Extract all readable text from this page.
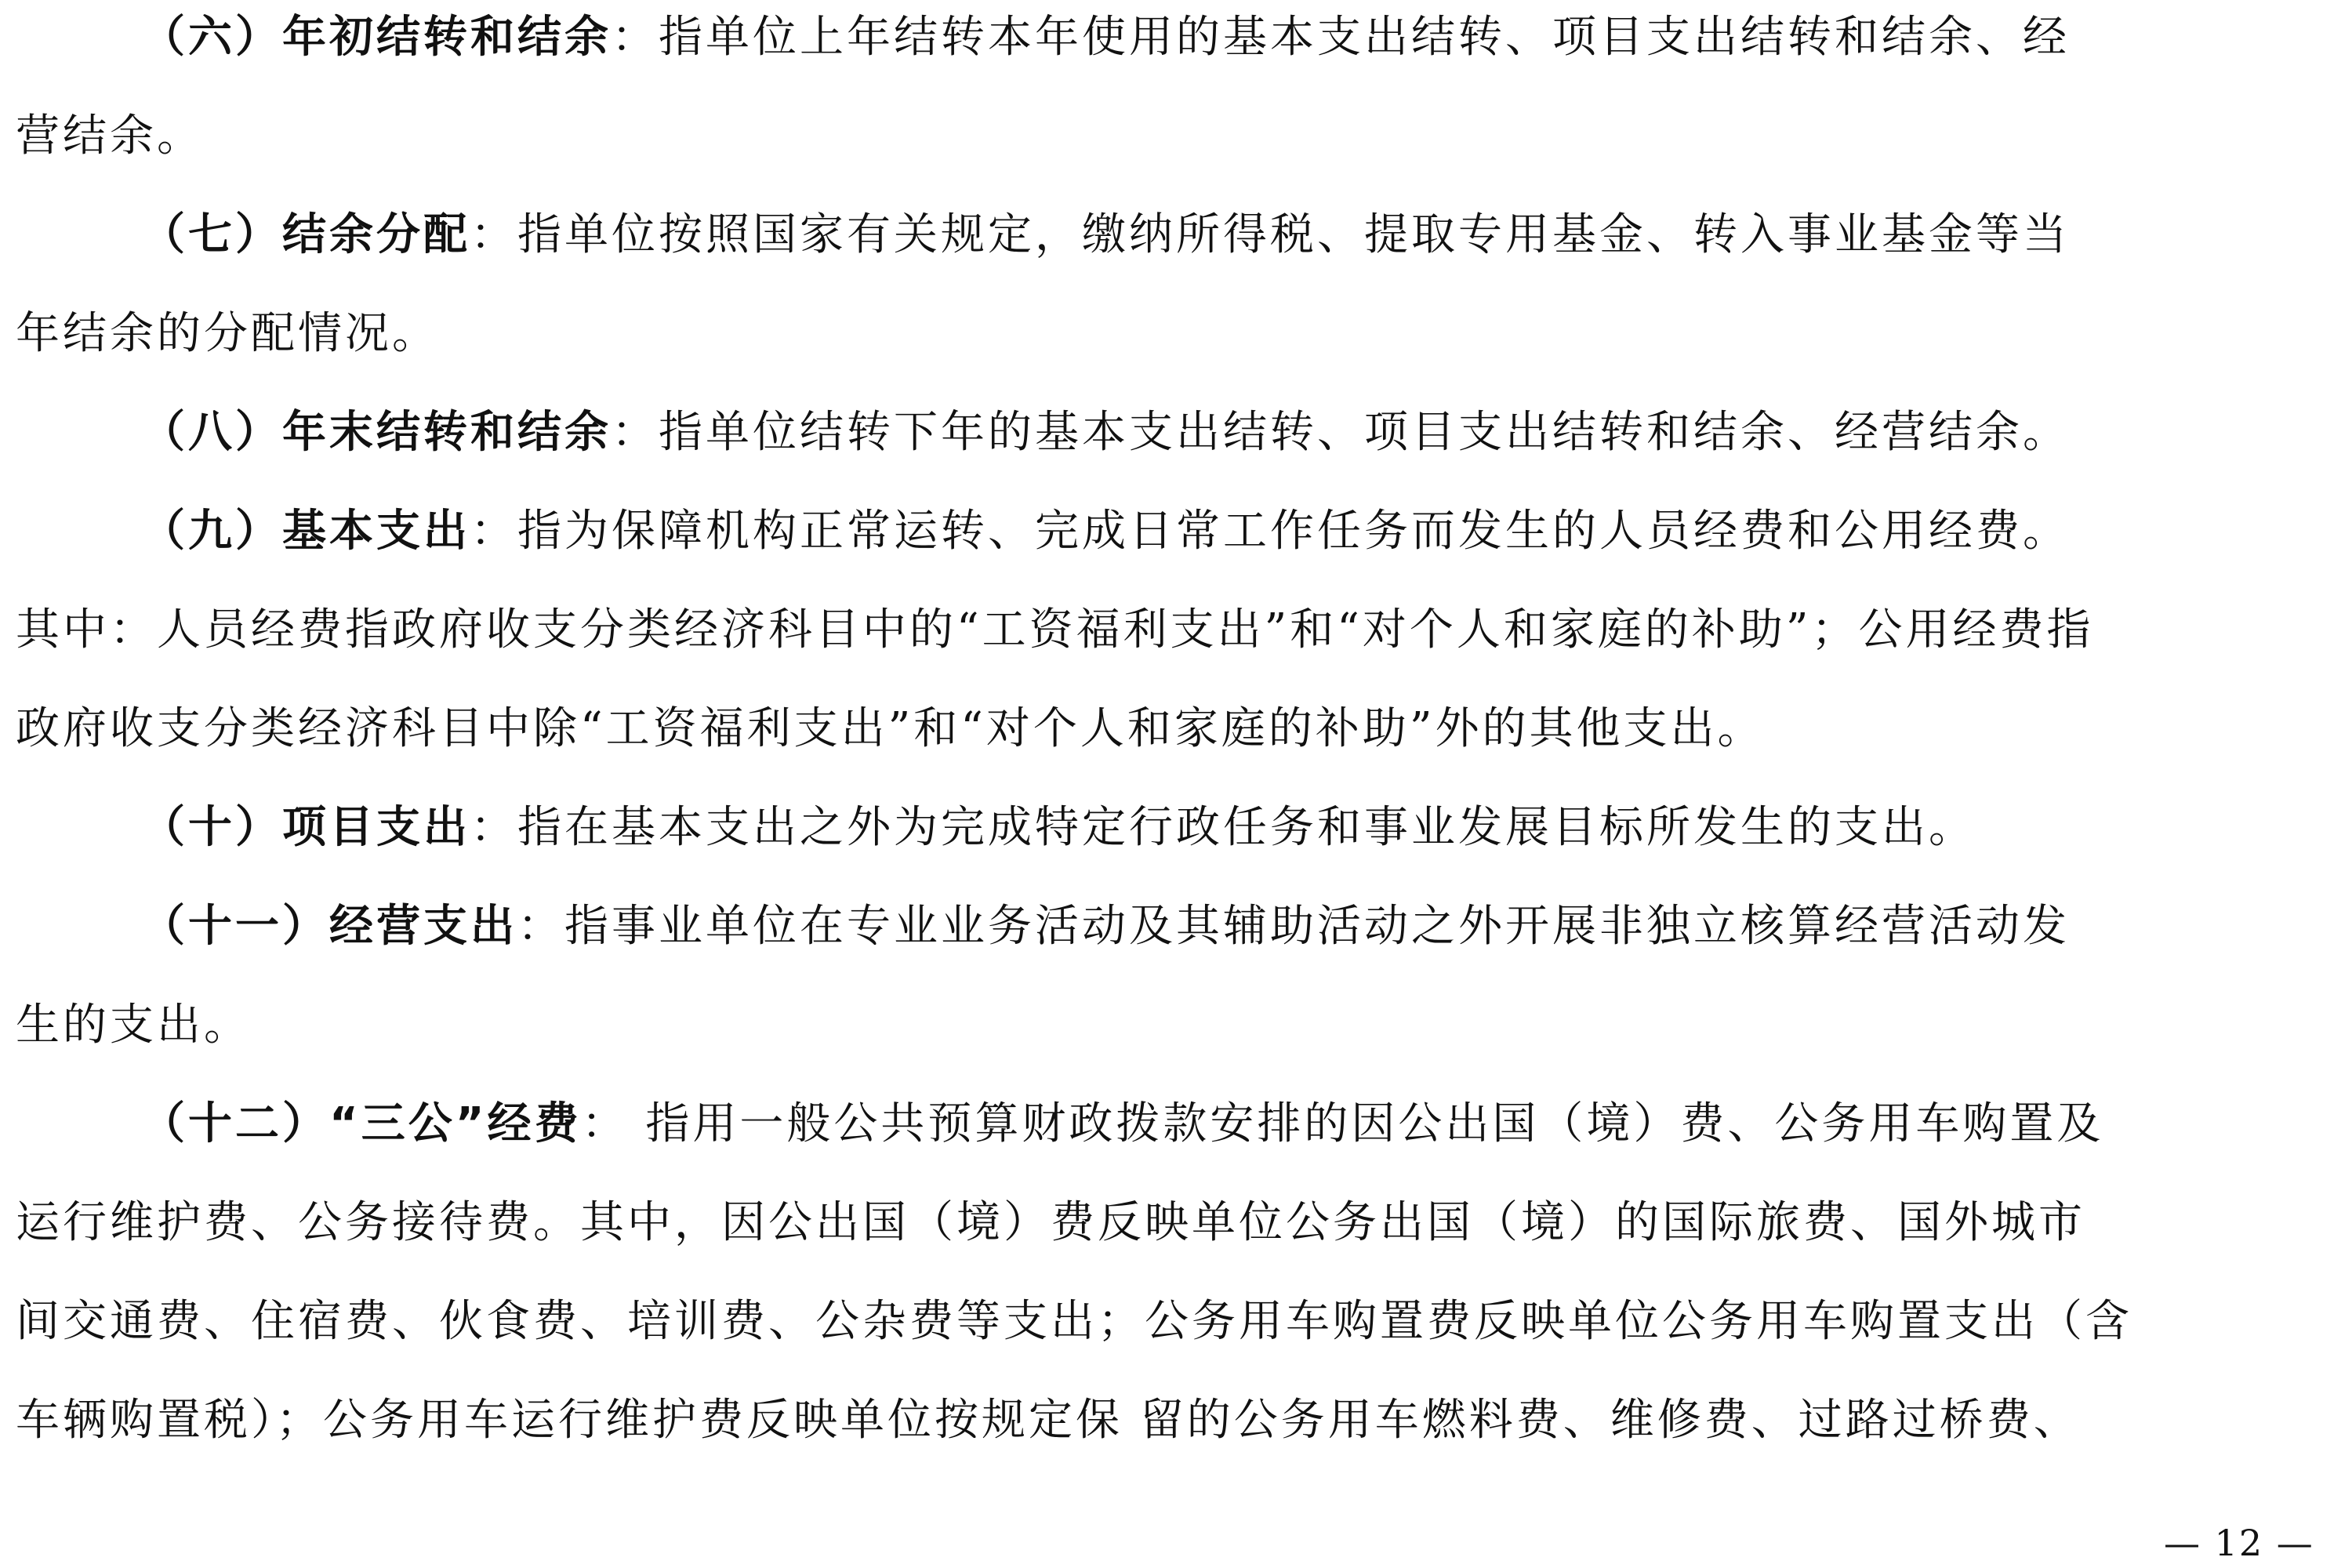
（六）年初结转和结余：指单位上年结转本年使用的基本支出结转、项目支出结转和结余、经
营结余。
（七）结余分配：指单位按照国家有关规定，缴纳所得税、提取专用基金、转入事业基金等当
年结余的分配情况。
（八）年末结转和结余：指单位结转下年的基本支出结转、项目支出结转和结余、经营结余。
（九）基本支出：指为保障机构正常运转、完成日常工作任务而发生的人员经费和公用经费。
其中：人员经费指政府收支分类经济科目中的“工资福利支出”和“对个人和家庭的补助”；公用经费指
政府收支分类经济科目中除“工资福利支出”和“对个人和家庭的补助”外的其他支出。
（十）项目支出：指在基本支出之外为完成特定行政任务和事业发展目标所发生的支出。
（十一）经营支出：指事业单位在专业业务活动及其辅助活动之外开展非独立核算经营活动发
生的支出。
（十二）“三公”经费： 指用一般公共预算财政拨款安排的因公出国（境）费、公务用车购置及
运行维护费、公务接待费。其中，因公出国（境）费反映单位公务出国（境）的国际旅费、国外城市
间交通费、住宿费、伙食费、培训费、公杂费等支出；公务用车购置费反映单位公务用车购置支出（含
车辆购置税）；公务用车运行维护费反映单位按规定保 留的公务用车燃料费、维修费、过路过桥费、
— 12 —
